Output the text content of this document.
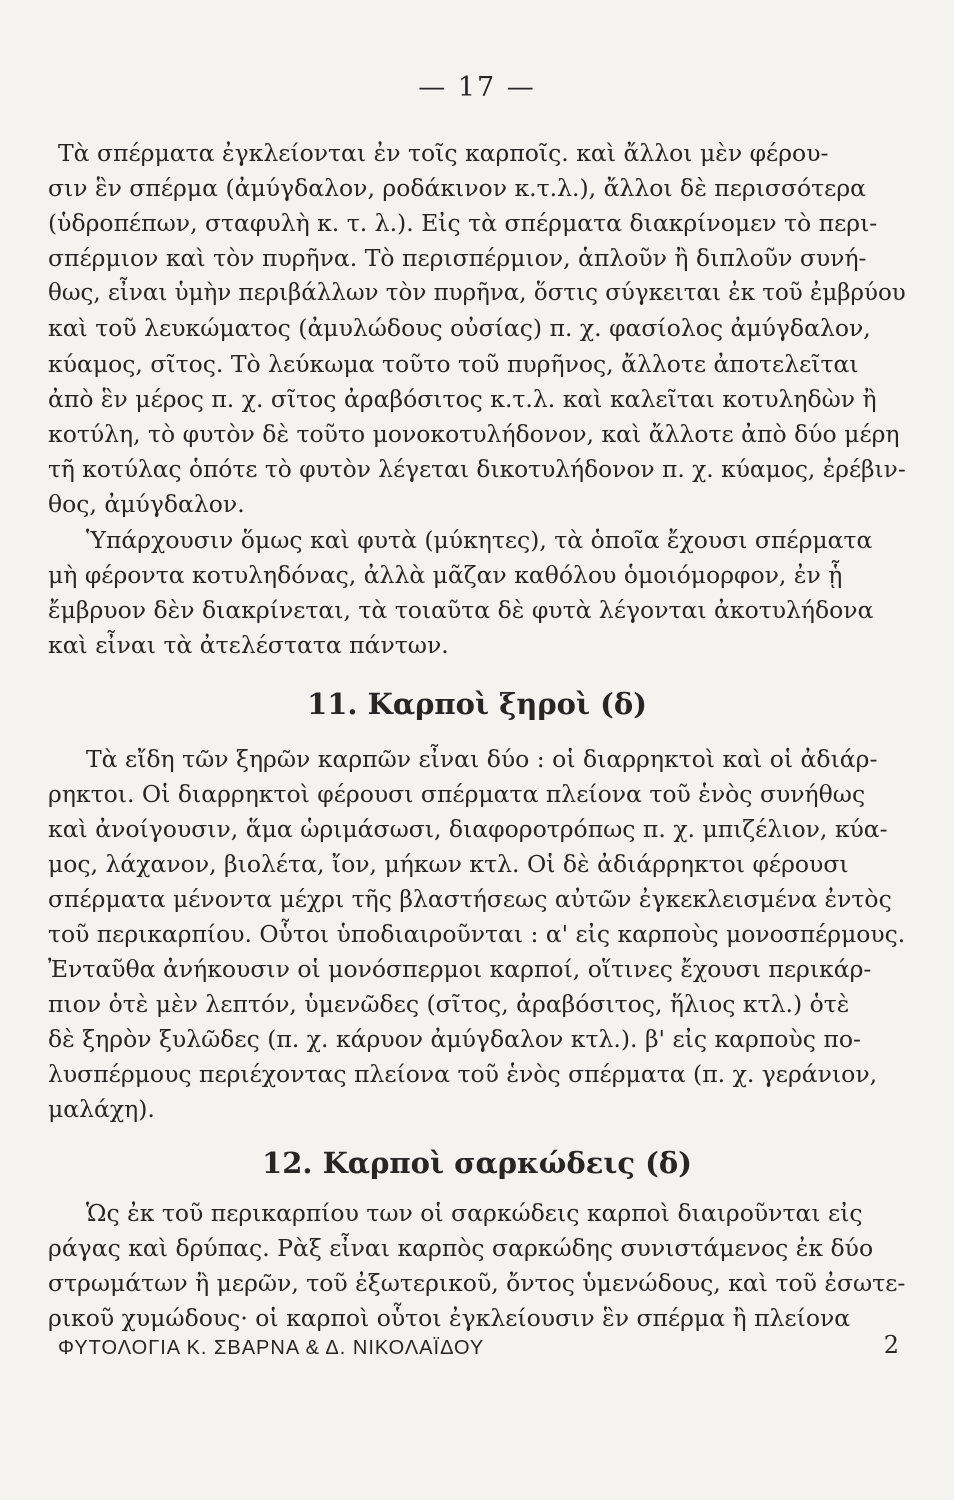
— 17 —
Τὰ σπέρματα ἐγκλείονται ἐν τοῖς καρποῖς. καὶ ἄλλοι μὲν φέρου-
σιν ἓν σπέρμα (ἀμύγδαλον, ροδάκινον κ.τ.λ.), ἄλλοι δὲ περισσότερα
(ὑδροπέπων, σταφυλὴ κ. τ. λ.). Εἰς τὰ σπέρματα διακρίνομεν τὸ περι-
σπέρμιον καὶ τὸν πυρῆνα. Τὸ περισπέρμιον, ἁπλοῦν ἢ διπλοῦν συνή-
θως, εἶναι ὑμὴν περιβάλλων τὸν πυρῆνα, ὅστις σύγκειται ἐκ τοῦ ἐμβρύου
καὶ τοῦ λευκώματος (ἀμυλώδους οὐσίας) π. χ. φασίολος ἀμύγδαλον,
κύαμος, σῖτος. Τὸ λεύκωμα τοῦτο τοῦ πυρῆνος, ἄλλοτε ἀποτελεῖται
ἀπὸ ἓν μέρος π. χ. σῖτος ἀραβόσιτος κ.τ.λ. καὶ καλεῖται κοτυληδὼν ἢ
κοτύλη, τὸ φυτὸν δὲ τοῦτο μονοκοτυλήδονον, καὶ ἄλλοτε ἀπὸ δύο μέρη
τῆ κοτύλας ὁπότε τὸ φυτὸν λέγεται δικοτυλήδονον π. χ. κύαμος, ἐρέβιν-
θος, ἀμύγδαλον.
Ὑπάρχουσιν ὅμως καὶ φυτὰ (μύκητες), τὰ ὁποῖα ἔχουσι σπέρματα
μὴ φέροντα κοτυληδόνας, ἀλλὰ μᾶζαν καθόλου ὁμοιόμορφον, ἐν ᾗ
ἔμβρυον δὲν διακρίνεται, τὰ τοιαῦτα δὲ φυτὰ λέγονται ἀκοτυλήδονα
καὶ εἶναι τὰ ἀτελέστατα πάντων.
11. Καρποὶ ξηροὶ (δ)
Τὰ εἴδη τῶν ξηρῶν καρπῶν εἶναι δύο : οἱ διαρρηκτοὶ καὶ οἱ ἀδιάρ-
ρηκτοι. Οἱ διαρρηκτοὶ φέρουσι σπέρματα πλείονα τοῦ ἑνὸς συνήθως
καὶ ἀνοίγουσιν, ἅμα ὡριμάσωσι, διαφοροτρόπως π. χ. μπιζέλιον, κύα-
μος, λάχανον, βιολέτα, ἴον, μήκων κτλ. Οἱ δὲ ἀδιάρρηκτοι φέρουσι
σπέρματα μένοντα μέχρι τῆς βλαστήσεως αὐτῶν ἐγκεκλεισμένα ἐντὸς
τοῦ περικαρπίου. Οὗτοι ὑποδιαιροῦνται : α' εἰς καρποὺς μονοσπέρμους.
Ἐνταῦθα ἀνήκουσιν οἱ μονόσπερμοι καρποί, οἵτινες ἔχουσι περικάρ-
πιον ὁτὲ μὲν λεπτόν, ὑμενῶδες (σῖτος, ἀραβόσιτος, ἥλιος κτλ.) ὁτὲ
δὲ ξηρὸν ξυλῶδες (π. χ. κάρυον ἀμύγδαλον κτλ.). β' εἰς καρποὺς πο-
λυσπέρμους περιέχοντας πλείονα τοῦ ἑνὸς σπέρματα (π. χ. γεράνιον,
μαλάχη).
12. Καρποὶ σαρκώδεις (δ)
Ὡς ἐκ τοῦ περικαρπίου των οἱ σαρκώδεις καρποὶ διαιροῦνται εἰς
ράγας καὶ δρύπας. Ρὰξ εἶναι καρπὸς σαρκώδης συνιστάμενος ἐκ δύο
στρωμάτων ἢ μερῶν, τοῦ ἐξωτερικοῦ, ὄντος ὑμενώδους, καὶ τοῦ ἐσωτε-
ρικοῦ χυμώδους· οἱ καρποὶ οὗτοι ἐγκλείουσιν ἓν σπέρμα ἢ πλείονα
ΦΥΤΟΛΟΓΙΑ Κ. ΣΒΑΡΝΑ & Δ. ΝΙΚΟΛΑΪΔΟΥ	2
